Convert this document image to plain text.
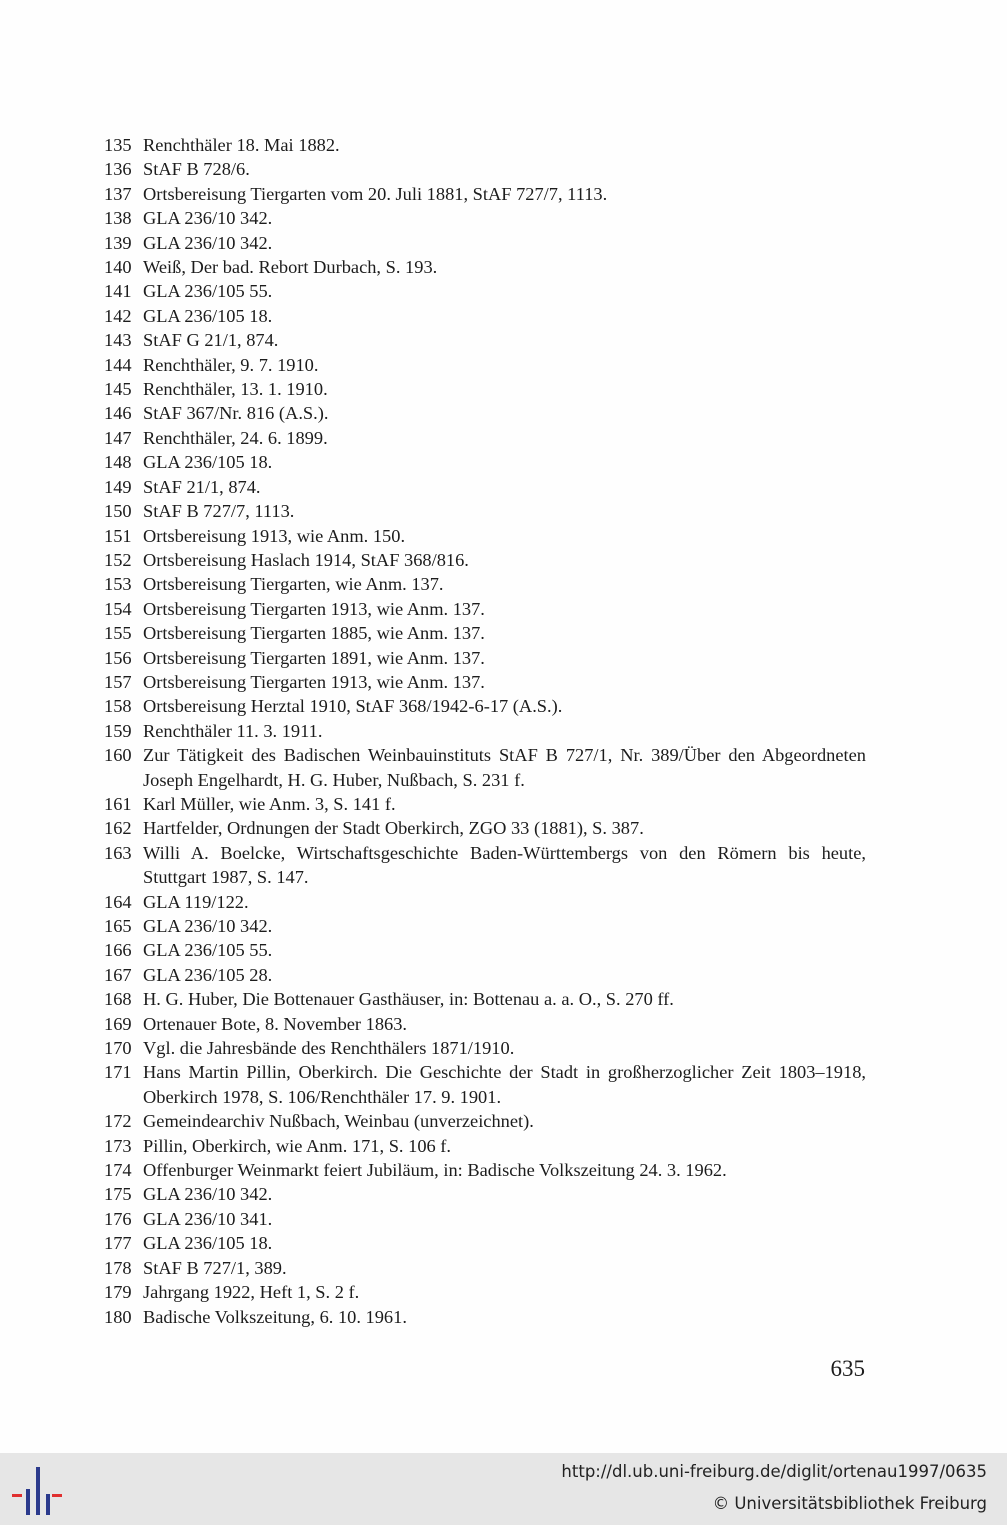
135 Renchthäler 18. Mai 1882.
136 StAF B 728/6.
137 Ortsbereisung Tiergarten vom 20. Juli 1881, StAF 727/7, 1113.
138 GLA 236/10 342.
139 GLA 236/10 342.
140 Weiß, Der bad. Rebort Durbach, S. 193.
141 GLA 236/105 55.
142 GLA 236/105 18.
143 StAF G 21/1, 874.
144 Renchthäler, 9. 7. 1910.
145 Renchthäler, 13. 1. 1910.
146 StAF 367/Nr. 816 (A.S.).
147 Renchthäler, 24. 6. 1899.
148 GLA 236/105 18.
149 StAF 21/1, 874.
150 StAF B 727/7, 1113.
151 Ortsbereisung 1913, wie Anm. 150.
152 Ortsbereisung Haslach 1914, StAF 368/816.
153 Ortsbereisung Tiergarten, wie Anm. 137.
154 Ortsbereisung Tiergarten 1913, wie Anm. 137.
155 Ortsbereisung Tiergarten 1885, wie Anm. 137.
156 Ortsbereisung Tiergarten 1891, wie Anm. 137.
157 Ortsbereisung Tiergarten 1913, wie Anm. 137.
158 Ortsbereisung Herztal 1910, StAF 368/1942-6-17 (A.S.).
159 Renchthäler 11. 3. 1911.
160 Zur Tätigkeit des Badischen Weinbauinstituts StAF B 727/1, Nr. 389/Über den Abgeordneten Joseph Engelhardt, H. G. Huber, Nußbach, S. 231 f.
161 Karl Müller, wie Anm. 3, S. 141 f.
162 Hartfelder, Ordnungen der Stadt Oberkirch, ZGO 33 (1881), S. 387.
163 Willi A. Boelcke, Wirtschaftsgeschichte Baden-Württembergs von den Römern bis heute, Stuttgart 1987, S. 147.
164 GLA 119/122.
165 GLA 236/10 342.
166 GLA 236/105 55.
167 GLA 236/105 28.
168 H. G. Huber, Die Bottenauer Gasthäuser, in: Bottenau a. a. O., S. 270 ff.
169 Ortenauer Bote, 8. November 1863.
170 Vgl. die Jahresbände des Renchthälers 1871/1910.
171 Hans Martin Pillin, Oberkirch. Die Geschichte der Stadt in großherzoglicher Zeit 1803–1918, Oberkirch 1978, S. 106/Renchthäler 17. 9. 1901.
172 Gemeindearchiv Nußbach, Weinbau (unverzeichnet).
173 Pillin, Oberkirch, wie Anm. 171, S. 106 f.
174 Offenburger Weinmarkt feiert Jubiläum, in: Badische Volkszeitung 24. 3. 1962.
175 GLA 236/10 342.
176 GLA 236/10 341.
177 GLA 236/105 18.
178 StAF B 727/1, 389.
179 Jahrgang 1922, Heft 1, S. 2 f.
180 Badische Volkszeitung, 6. 10. 1961.
635
http://dl.ub.uni-freiburg.de/diglit/ortenau1997/0635
© Universitätsbibliothek Freiburg
